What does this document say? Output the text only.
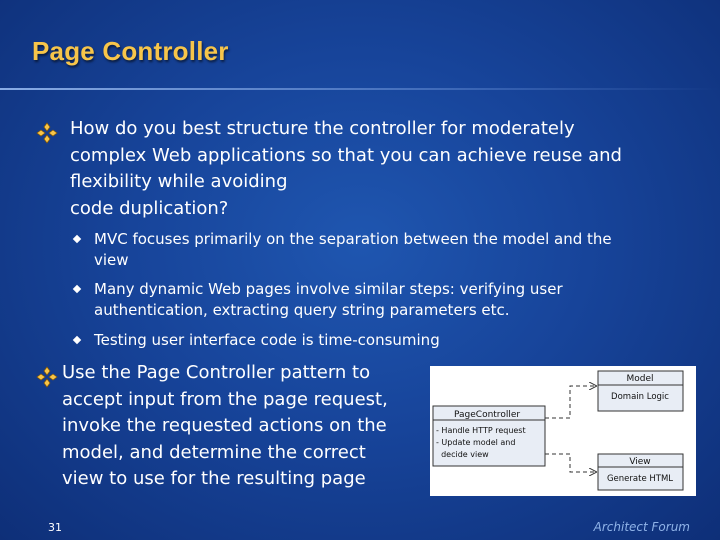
Page Controller
How do you best structure the controller for moderately
complex Web applications so that you can achieve reuse and
flexibility while avoiding
code duplication?
MVC focuses primarily on the separation between the model and the
view
Many dynamic Web pages involve similar steps: verifying user
authentication, extracting query string parameters etc.
Testing user interface code is time-consuming
Use the Page Controller pattern to
accept input from the page request,
invoke the requested actions on the
model, and determine the correct
view to use for the resulting page
Model
Domain Logic
PageController
- Handle HTTP request
- Update model and
decide view
View
Generate HTML
31	Architect Forum
